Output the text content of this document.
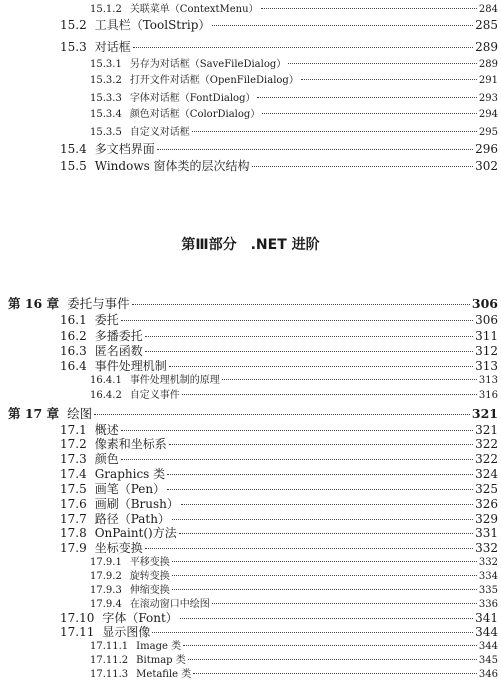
第Ⅲ部分　.NET 进阶
15.1.2 关联菜单（ContextMenu）	284
15.2 工具栏（ToolStrip）	285
15.3 对话框	289
15.3.1 另存为对话框（SaveFileDialog）	289
15.3.2 打开文件对话框（OpenFileDialog）	291
15.3.3 字体对话框（FontDialog）	293
15.3.4 颜色对话框（ColorDialog）	294
15.3.5 自定义对话框	295
15.4 多文档界面	296
15.5 Windows 窗体类的层次结构	302
第 16 章 委托与事件	306
16.1 委托	306
16.2 多播委托	311
16.3 匿名函数	312
16.4 事件处理机制	313
16.4.1 事件处理机制的原理	313
16.4.2 自定义事件	316
第 17 章 绘图	321
17.1 概述	321
17.2 像素和坐标系	322
17.3 颜色	322
17.4 Graphics 类	324
17.5 画笔（Pen）	325
17.6 画刷（Brush）	326
17.7 路径（Path）	329
17.8 OnPaint()方法	331
17.9 坐标变换	332
17.9.1 平移变换	332
17.9.2 旋转变换	334
17.9.3 伸缩变换	335
17.9.4 在滚动窗口中绘图	336
17.10 字体（Font）	341
17.11 显示图像	344
17.11.1 Image 类	344
17.11.2 Bitmap 类	345
17.11.3 Metafile 类	346
